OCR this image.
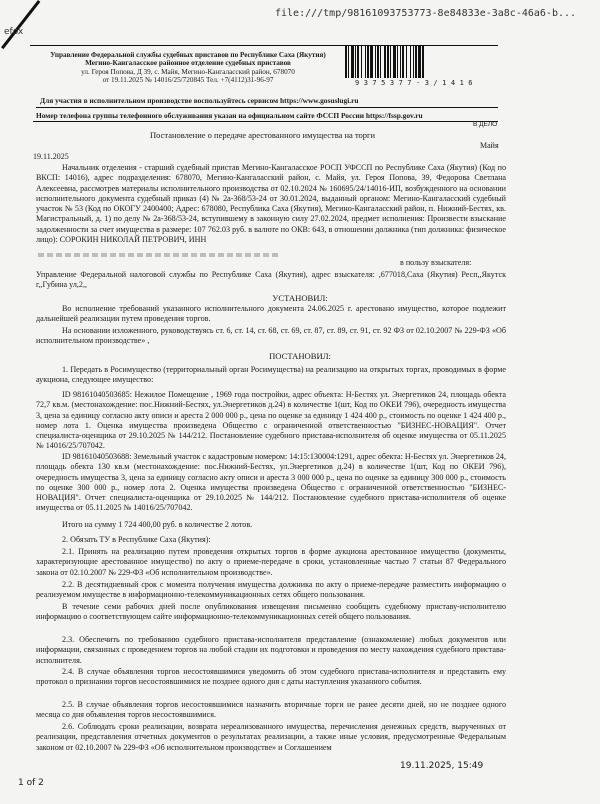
efox
file:///tmp/98161093753773-8e84833e-3a8c-46a6-b...
Управление Федеральной службы судебных приставов по Республике Саха (Якутия)
Мегино-Кангаласское районное отделение судебных приставов
ул. Героя Попова, Д 39, с. Майя, Мегино-Кангаласский район, 678070
от 19.11.2025 № 14016/25/720845 Тел. +7(4112)31-96-97	9375377·3/1416
Для участия в исполнительном производстве воспользуйтесь сервисом https://www.gosuslugi.ru
Номер телефона группы телефонного обслуживания указан на официальном сайте ФССП России https://fssp.gov.ru
В ДЕЛО
Постановление о передаче арестованного имущества на торги
Майя
19.11.2025
Начальник отделения - старший судебный пристав Мегино-Кангаласское РОСП УФССП по Республике Саха (Якутия) (Код по ВКСП: 14016), адрес подразделения: 678070, Мегино-Кангаласский район, с. Майя, ул. Героя Попова, 39, Федорова Светлана Алексеевна, рассмотрев материалы исполнительного производства от 02.10.2024 № 160695/24/14016-ИП, возбужденного на основании исполнительного документа судебный приказ (4) № 2а-368/53-24 от 30.01.2024, выданный органом: Мегино-Кангаласский судебный участок № 53 (Код по ОКОГУ 2400400; Адрес: 678080, Республика Саха (Якутия), Мегино-Кангаласский район, п. Нижний-Бестях, кв. Магистральный, д. 1) по делу № 2а-368/53-24, вступившему в законную силу 27.02.2024, предмет исполнения: Произвести взыскание задолженности за счет имущества в размере: 107 762.03 руб. в валюте по ОКВ: 643, в отношении должника (тип должника: физическое лицо): СОРОКИН НИКОЛАЙ ПЕТРОВИЧ, ИНН
в пользу взыскателя:
Управление Федеральной налоговой службы по Республике Саха (Якутия), адрес взыскателя: ,677018,Саха (Якутия) Респ,,Якутск г,,Губина ул,2,,
УСТАНОВИЛ:
Во исполнение требований указанного исполнительного документа 24.06.2025 г. арестовано имущество, которое подлежит дальнейшей реализации путем проведения торгов.
На основании изложенного, руководствуясь ст. 6, ст. 14, ст. 68, ст. 69, ст. 87, ст. 89, ст. 91, ст. 92 ФЗ от 02.10.2007 № 229-ФЗ «Об исполнительном производстве» ,
ПОСТАНОВИЛ:
1. Передать в Росимущество (территориальный орган Росимущества) на реализацию на открытых торгах, проводимых в форме аукциона, следующее имущество:
ID 98161040503685: Нежилое Помещение , 1969 года постройки, адрес объекта: Н-Бестях ул. Энергетиков 24, площадь обекта 72,7 кв.м. (местонахождение: пос.Нижний-Бестях, ул.Энергетиков д.24) в количестве 1(шт, Код по ОКЕИ 796), очередность имущества 3, цена за единицу согласно акту описи и ареста 2 000 000 р., цена по оценке за единицу 1 424 400 р., стоимость по оценке 1 424 400 р., номер лота 1. Оценка имущества произведена Общество с ограниченной ответственностью "БИЗНЕС-НОВАЦИЯ". Отчет специалиста-оценщика от 29.10.2025 № 144/212. Постановление судебного пристава-исполнителя об оценке имущества от 05.11.2025 № 14016/25/707042.
ID 98161040503688: Земельный участок с кадастровым номером: 14:15:130004:1291, адрес обекта: Н-Бестях ул. Энергетиков 24, площадь обекта 130 кв.м (местонахождение: пос.Нижний-Бестях, ул.Энергетиков д.24) в количестве 1(шт, Код по ОКЕИ 796), очередность имущества 3, цена за единицу согласно акту описи и ареста 3 000 000 р., цена по оценке за единицу 300 000 р., стоимость по оценке 300 000 р., номер лота 2. Оценка имущества произведена Общество с ограниченной ответственностью "БИЗНЕС-НОВАЦИЯ". Отчет специалиста-оценщика от 29.10.2025 № 144/212. Постановление судебного пристава-исполнителя об оценке имущества от 05.11.2025 № 14016/25/707042.
Итого на сумму 1 724 400,00 руб. в количестве 2 лотов.
2. Обязать ТУ в Республике Саха (Якутия):
2.1. Принять на реализацию путем проведения открытых торгов в форме аукциона арестованное имущество (документы, характеризующие арестованное имущество) по акту о приеме-передаче в сроки, установленные частью 7 статьи 87 Федерального закона от 02.10.2007 № 229-ФЗ «Об исполнительном производстве».
2.2. В десятидневный срок с момента получения имущества должника по акту о приеме-передаче разместить информацию о реализуемом имуществе в информационно-телекоммуникационных сетях общего пользования.
В течение семи рабочих дней после опубликования извещения письменно сообщить судебному приставу-исполнителю информацию о соответствующем сайте информационно-телекоммуникационных сетей общего пользования.
2.3. Обеспечить по требованию судебного пристава-исполнителя представление (ознакомление) любых документов или информации, связанных с проведением торгов на любой стадии их подготовки и проведения по месту нахождения судебного пристава-исполнителя.
2.4. В случае объявления торгов несостоявшимися уведомить об этом судебного пристава-исполнителя и представить ему протокол о признании торгов несостоявшимися не позднее одного дня с даты наступления указанного события.
2.5. В случае объявления торгов несостоявшимися назначить вторичные торги не ранее десяти дней, но не позднее одного месяца со дня объявления торгов несостоявшимися.
2.6. Соблюдать сроки реализации, возврата нереализованного имущества, перечисления денежных средств, вырученных от реализации, представления отчетных документов о результатах реализации, а также иные условия, предусмотренные Федеральным законом от 02.10.2007 № 229-ФЗ «Об исполнительном производстве» и Соглашением
19.11.2025, 15:49
1 of 2
